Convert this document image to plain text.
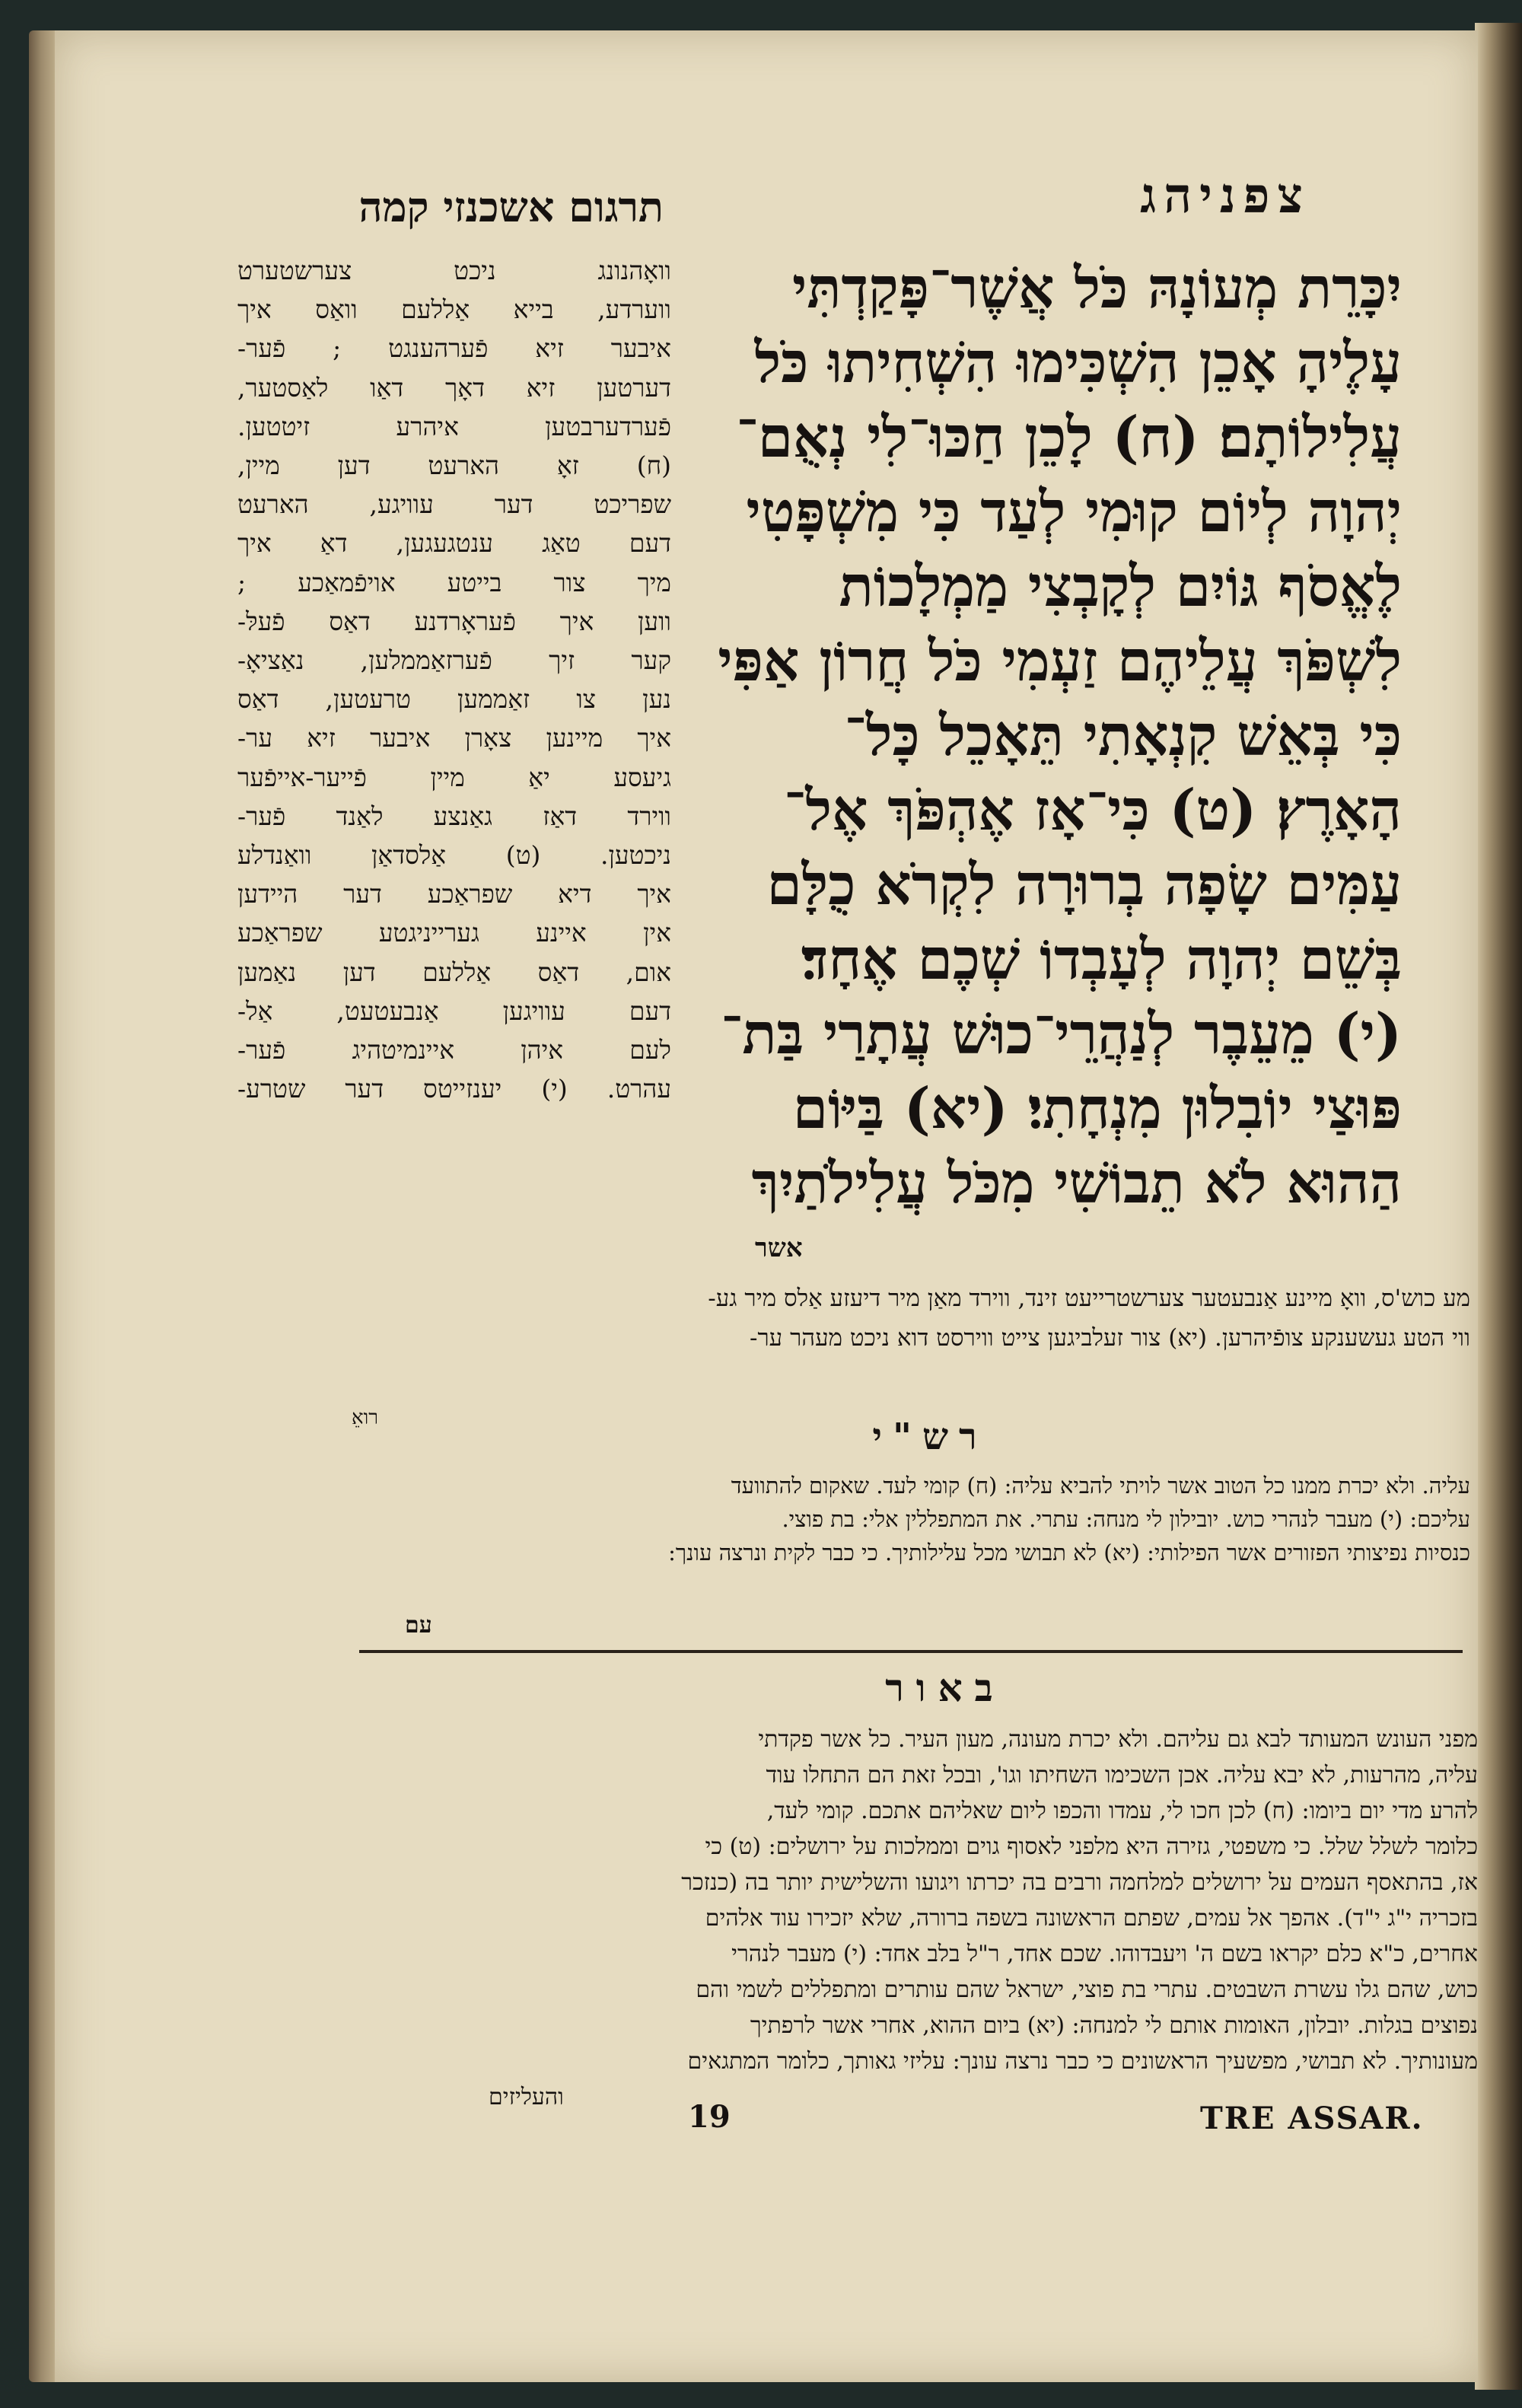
צפניהג
תרגום אשכנזי קמה
יִכָּרֵת מְעוֹנָהּ כֹּל אֲשֶׁר־פָּקַדְתִּי
עָלֶיהָ אָכֵן הִשְׁכִּימוּ הִשְׁחִיתוּ כֹּל
עֲלִילוֹתָם׃ (ח) לָכֵן חַכּוּ־לִי נְאֻם־
יְהוָה לְיוֹם קוּמִי לְעַד כִּי מִשְׁפָּטִי
לֶאֱסֹף גּוֹיִם לְקָבְצִי מַמְלָכוֹת
לִשְׁפֹּךְ עֲלֵיהֶם זַעְמִי כֹּל חֲרוֹן אַפִּי
כִּי בְּאֵשׁ קִנְאָתִי תֵּאָכֵל כָּל־
הָאָרֶץ׃ (ט) כִּי־אָז אֶהְפֹּךְ אֶל־
עַמִּים שָׂפָה בְרוּרָה לִקְרֹא כֻלָּם
בְּשֵׁם יְהוָה לְעָבְדוֹ שְׁכֶם אֶחָד׃
(י) מֵעֵבֶר לְנַהֲרֵי־כוּשׁ עֲתָרַי בַּת־
פּוּצַי יוֹבִלוּן מִנְחָתִי׃ (יא) בַּיּוֹם
הַהוּא לֹא תֵבוֹשִׁי מִכֹּל עֲלִילֹתַיִךְ
אשר
וואָהנונג ניכט צערשטערט
ווערדע, בייא אַללעם וואַס איך
איבער זיא פֿערהענגט ; פֿער-
דערטען זיא דאָך דאַו לאַסטער,
פֿערדערבטען איהרע זיטטען.
(ח) זאָ הארעט דען מיין,
שפריכט דער עוויגע, הארעט
דעם טאַג ענטגעגען, דאַ איך
מיך צור בייטע אויפֿמאַכע ;
ווען איך פֿעראָרדנע דאַס פֿעלּ-
קער זיך פֿערזאַממלען, נאַציאָ-
נען צו זאַממען טרעטען, דאַס
איך מיינען צאָרן איבער זיא ער-
גיעסע יאַ מיין פֿייער-אייפֿער
ווירד דאַז גאַנצע לאַנד פֿער-
ניכטען. (ט) אַלסדאַן וואַנדלע
איך דיא שפראַכע דער היידען
אין איינע גערייניגטע שפראַכע
אום, דאַס אַללעם דען נאַמען
דעם עוויגען אַנבעטעט, אַל-
לעם איהן איינמיטהיג פֿער-
עהרט. (י) יענזייטס דער שטרע-
מע כוש'ס, וואָ מיינע אַנבעטער צערשטרייעט זינד, ווירד מאַן מיר דיעזע אַלס מיר גע-
ווי הטע געשענקע צופֿיהרען. (יא) צור זעלביגען צייט ווירסט דוא ניכט מעהר ער-
רואֵ	רש"י
עליה. ולא יכרת ממנו כל הטוב אשר לויתי להביא עליה: (ח) קומי לעד. שאקום להתוועד
עליכם: (י) מעבר לנהרי כוש. יובילון לי מנחה: עתרי. את המתפללין אלי: בת פוצי.
כנסיות נפיצותי הפזורים אשר הפילותי: (יא) לא תבושי מכל עלילותיך. כי כבר לקית ונרצה עונך:
עם
באור
מפני העונש המעותד לבא גם עליהם. ולא יכרת מעונה, מעון העיר. כל אשר פקדתי
עליה, מהרעות, לא יבא עליה. אכן השכימו השחיתו וגו', ובכל זאת הם התחלו עוד
להרע מדי יום ביומו: (ח) לכן חכו לי, עמדו והכפו ליום שאליהם אתכם. קומי לעד,
כלומר לשלל שלל. כי משפטי, גזירה היא מלפני לאסוף גוים וממלכות על ירושלים: (ט) כי
אז, בהתאסף העמים על ירושלים למלחמה ורבים בה יכרתו ויגועו והשלישית יותר בה (כנזכר
בזכריה י"ג י"ד). אהפך אל עמים, שפתם הראשונה בשפה ברורה, שלא יזכירו עוד אלהים
אחרים, כ"א כלם יקראו בשם ה' ויעבדוהו. שכם אחד, ר"ל בלב אחד: (י) מעבר לנהרי
כוש, שהם גלו עשרת השבטים. עתרי בת פוצי, ישראל שהם עותרים ומתפללים לשמי והם
נפוצים בגלות. יובלון, האומות אותם לי למנחה: (יא) ביום ההוא, אחרי אשר לרפתיך
מעונותיך. לא תבושי, מפשעיך הראשונים כי כבר נרצה עונך: עליזי גאותך, כלומר המתגאים
והעליזים
19	TRE ASSAR.
